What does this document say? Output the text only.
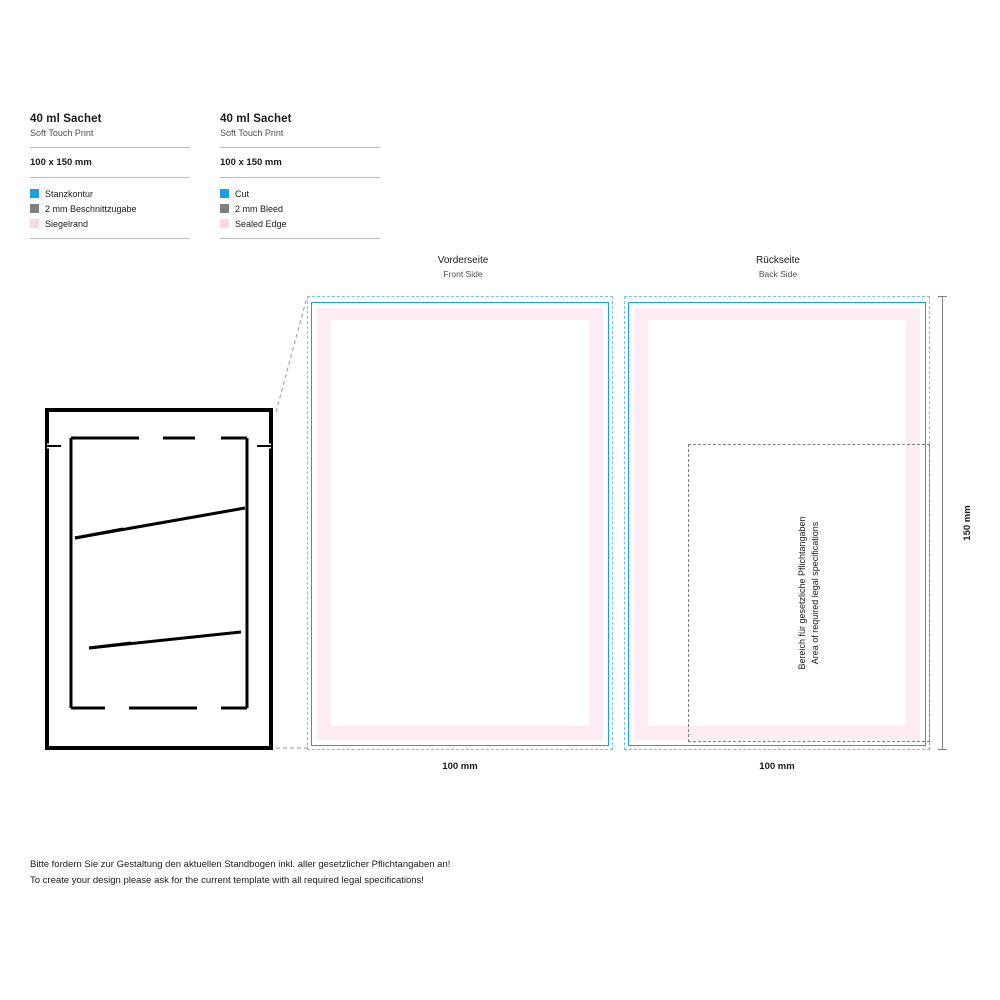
40 ml Sachet
Soft Touch Print
100 x 150 mm
Stanzkontur
2 mm Beschnittzugabe
Siegelrand
40 ml Sachet
Soft Touch Print
100 x 150 mm
Cut
2 mm Bleed
Sealed Edge
Vorderseite
Front Side
100 mm
Rückseite
Back Side
Bereich für gesetzliche Pflichtangaben Area of required legal specifications
100 mm
150 mm
Bitte fordern Sie zur Gestaltung den aktuellen Standbogen inkl. aller gesetzlicher Pflichtangaben an!
To create your design please ask for the current template with all required legal specifications!
